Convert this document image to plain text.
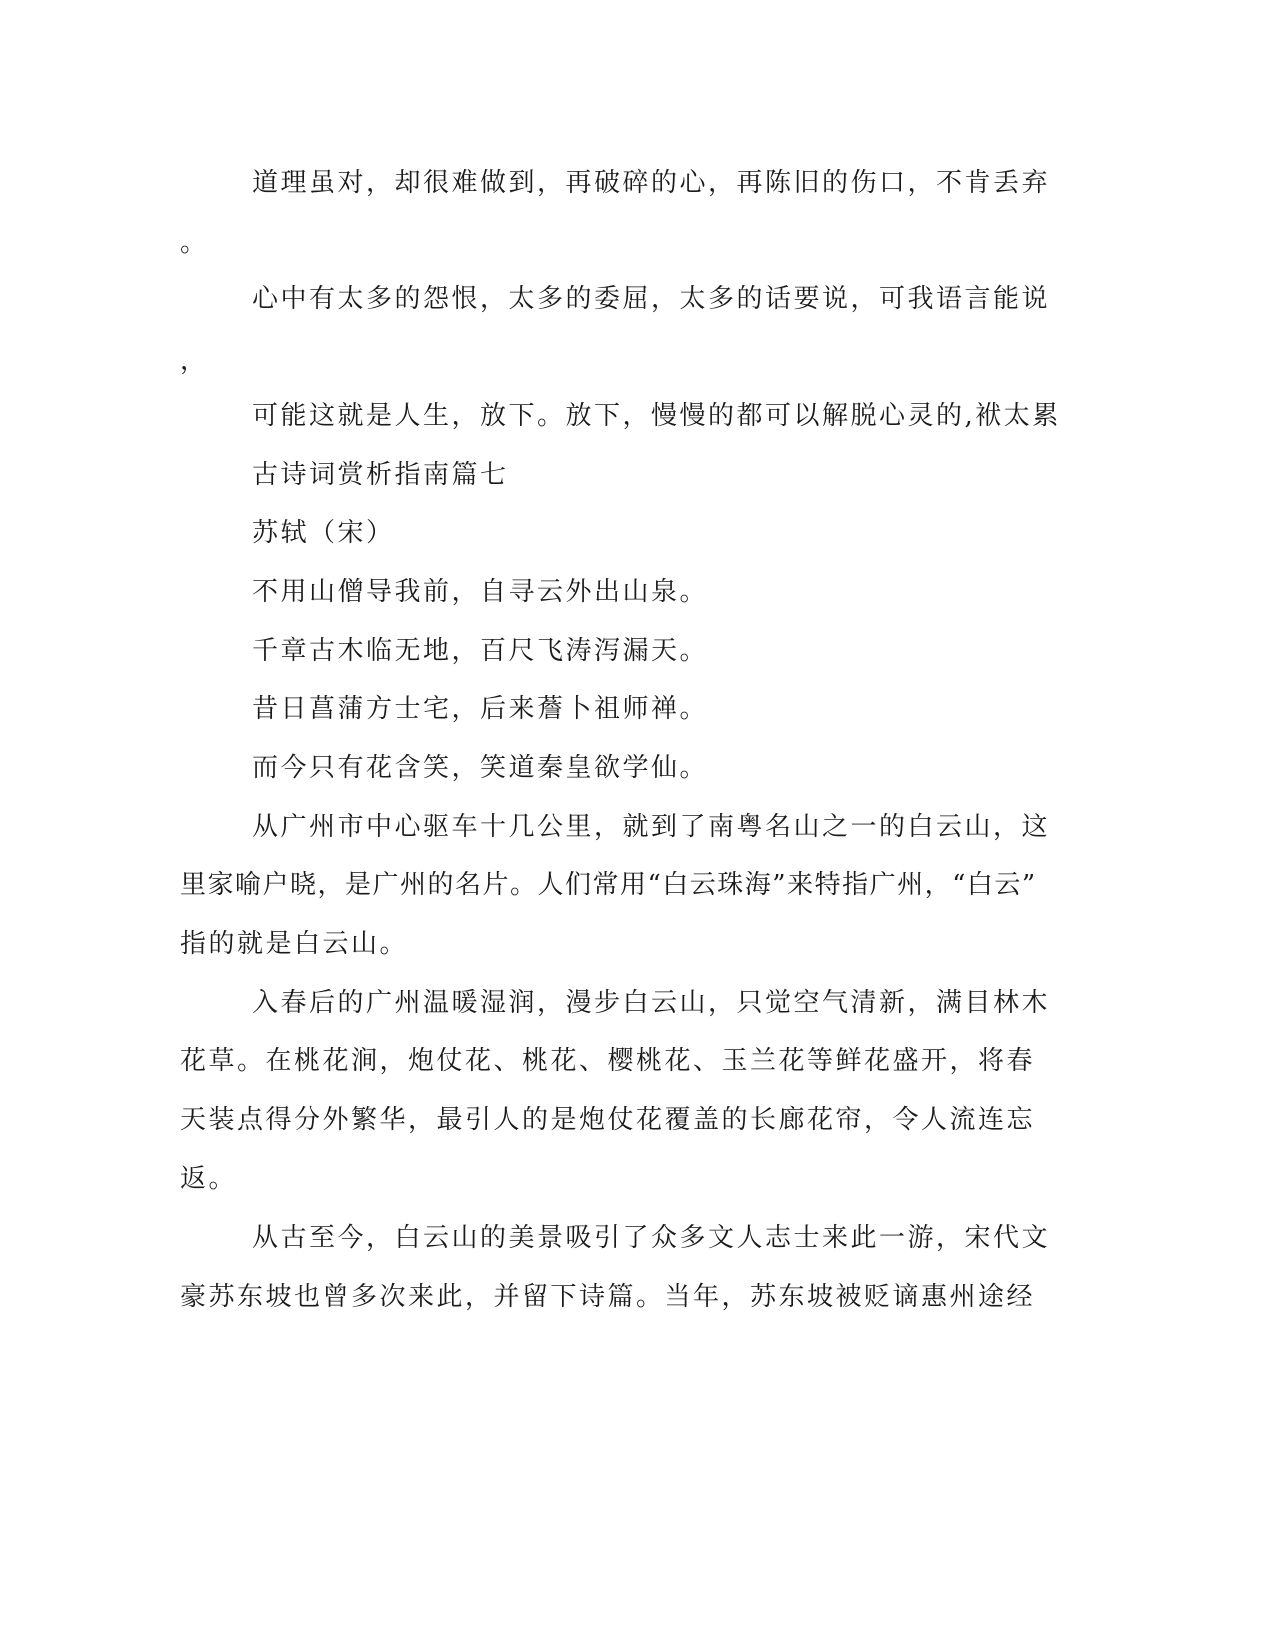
道理虽对，却很难做到，再破碎的心，再陈旧的伤口，不肯丢弃
。
心中有太多的怨恨，太多的委屈，太多的话要说，可我语言能说
，
可能这就是人生，放下。放下，慢慢的都可以解脱心灵的,袱太累
古诗词赏析指南篇七
苏轼（宋）
不用山僧导我前，自寻云外出山泉。
千章古木临无地，百尺飞涛泻漏天。
昔日菖蒲方士宅，后来薝卜祖师禅。
而今只有花含笑，笑道秦皇欲学仙。
从广州市中心驱车十几公里，就到了南粤名山之一的白云山，这
里家喻户晓，是广州的名片。人们常用“白云珠海”来特指广州，“白云”
指的就是白云山。
入春后的广州温暖湿润，漫步白云山，只觉空气清新，满目林木
花草。在桃花涧，炮仗花、桃花、樱桃花、玉兰花等鲜花盛开，将春
天装点得分外繁华，最引人的是炮仗花覆盖的长廊花帘，令人流连忘
返。
从古至今，白云山的美景吸引了众多文人志士来此一游，宋代文
豪苏东坡也曾多次来此，并留下诗篇。当年，苏东坡被贬谪惠州途经
